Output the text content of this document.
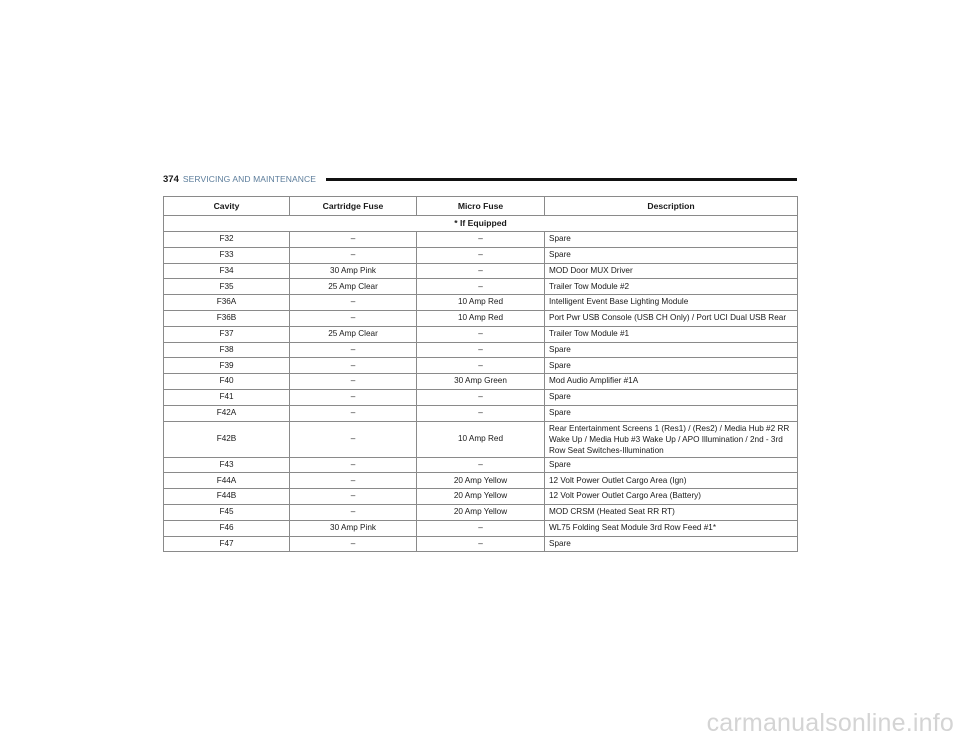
374 SERVICING AND MAINTENANCE
Cavity	Cartridge Fuse	Micro Fuse	Description
* If Equipped			
F32	–	–	Spare
F33	–	–	Spare
F34	30 Amp Pink	–	MOD Door MUX Driver
F35	25 Amp Clear	–	Trailer Tow Module #2
F36A	–	10 Amp Red	Intelligent Event Base Lighting Module
F36B	–	10 Amp Red	Port Pwr USB Console (USB CH Only) / Port UCI Dual USB Rear
F37	25 Amp Clear	–	Trailer Tow Module #1
F38	–	–	Spare
F39	–	–	Spare
F40	–	30 Amp Green	Mod Audio Amplifier #1A
F41	–	–	Spare
F42A	–	–	Spare
F42B	–	10 Amp Red	Rear Entertainment Screens 1 (Res1) / (Res2) / Media Hub #2 RR Wake Up / Media Hub #3 Wake Up / APO Illumination / 2nd - 3rd Row Seat Switches-Illumination
F43	–	–	Spare
F44A	–	20 Amp Yellow	12 Volt Power Outlet Cargo Area (Ign)
F44B	–	20 Amp Yellow	12 Volt Power Outlet Cargo Area (Battery)
F45	–	20 Amp Yellow	MOD CRSM (Heated Seat RR RT)
F46	30 Amp Pink	–	WL75 Folding Seat Module 3rd Row Feed #1*
F47	–	–	Spare
carmanualsonline.info
